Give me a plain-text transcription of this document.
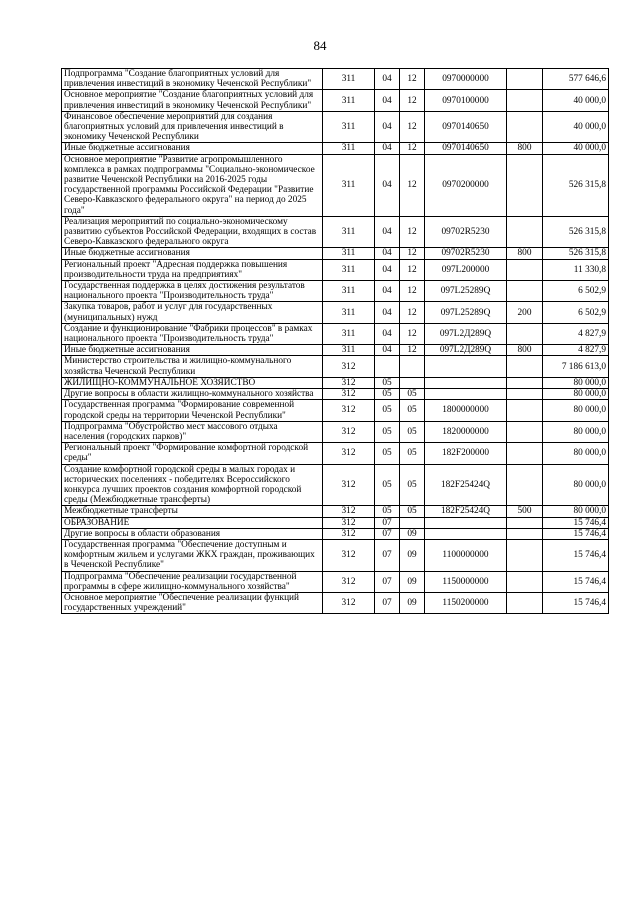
84
Подпрограмма "Создание благоприятных условий для привлечения инвестиций в экономику Чеченской Республики"	311	04	12	0970000000		577 646,6
Основное мероприятие "Создание благоприятных условий для привлечения инвестиций в экономику Чеченской Республики"	311	04	12	0970100000		40 000,0
Финансовое обеспечение мероприятий для создания благоприятных условий для привлечения инвестиций в экономику Чеченской Республики	311	04	12	0970140650		40 000,0
Иные бюджетные ассигнования	311	04	12	0970140650	800	40 000,0
Основное мероприятие "Развитие агропромышленного комплекса в рамках подпрограммы "Социально-экономическое развитие Чеченской Республики на 2016-2025 годы государственной программы Российской Федерации "Развитие Северо-Кавказского федерального округа" на период до 2025 года"	311	04	12	0970200000		526 315,8
Реализация мероприятий по социально-экономическому развитию субъектов Российской Федерации, входящих в состав Северо-Кавказского федерального округа	311	04	12	09702R5230		526 315,8
Иные бюджетные ассигнования	311	04	12	09702R5230	800	526 315,8
Региональный проект "Адресная поддержка повышения производительности труда на предприятиях"	311	04	12	097L200000		11 330,8
Государственная поддержка в целях достижения результатов национального проекта "Производительность труда"	311	04	12	097L25289Q		6 502,9
Закупка товаров, работ и услуг для государственных (муниципальных) нужд	311	04	12	097L25289Q	200	6 502,9
Создание и функционирование "Фабрики процессов" в рамках национального проекта "Производительность труда"	311	04	12	097L2Д289Q		4 827,9
Иные бюджетные ассигнования	311	04	12	097L2Д289Q	800	4 827,9
Министерство строительства и жилищно-коммунального хозяйства Чеченской Республики	312					7 186 613,0
ЖИЛИЩНО-КОММУНАЛЬНОЕ ХОЗЯЙСТВО	312	05				80 000,0
Другие вопросы в области жилищно-коммунального хозяйства	312	05	05			80 000,0
Государственная программа "Формирование современной городской среды на территории Чеченской Республики"	312	05	05	1800000000		80 000,0
Подпрограмма "Обустройство мест массового отдыха населения (городских парков)"	312	05	05	1820000000		80 000,0
Региональный проект "Формирование комфортной городской среды"	312	05	05	182F200000		80 000,0
Создание комфортной городской среды в малых городах и исторических поселениях - победителях Всероссийского конкурса лучших проектов создания комфортной городской среды (Межбюджетные трансферты)	312	05	05	182F25424Q		80 000,0
Межбюджетные трансферты	312	05	05	182F25424Q	500	80 000,0
ОБРАЗОВАНИЕ	312	07				15 746,4
Другие вопросы в области образования	312	07	09			15 746,4
Государственная программа "Обеспечение доступным и комфортным жильем и услугами ЖКХ граждан, проживающих в Чеченской Республике"	312	07	09	1100000000		15 746,4
Подпрограмма "Обеспечение реализации государственной программы в сфере жилищно-коммунального хозяйства"	312	07	09	1150000000		15 746,4
Основное мероприятие "Обеспечение реализации функций государственных учреждений"	312	07	09	1150200000		15 746,4
